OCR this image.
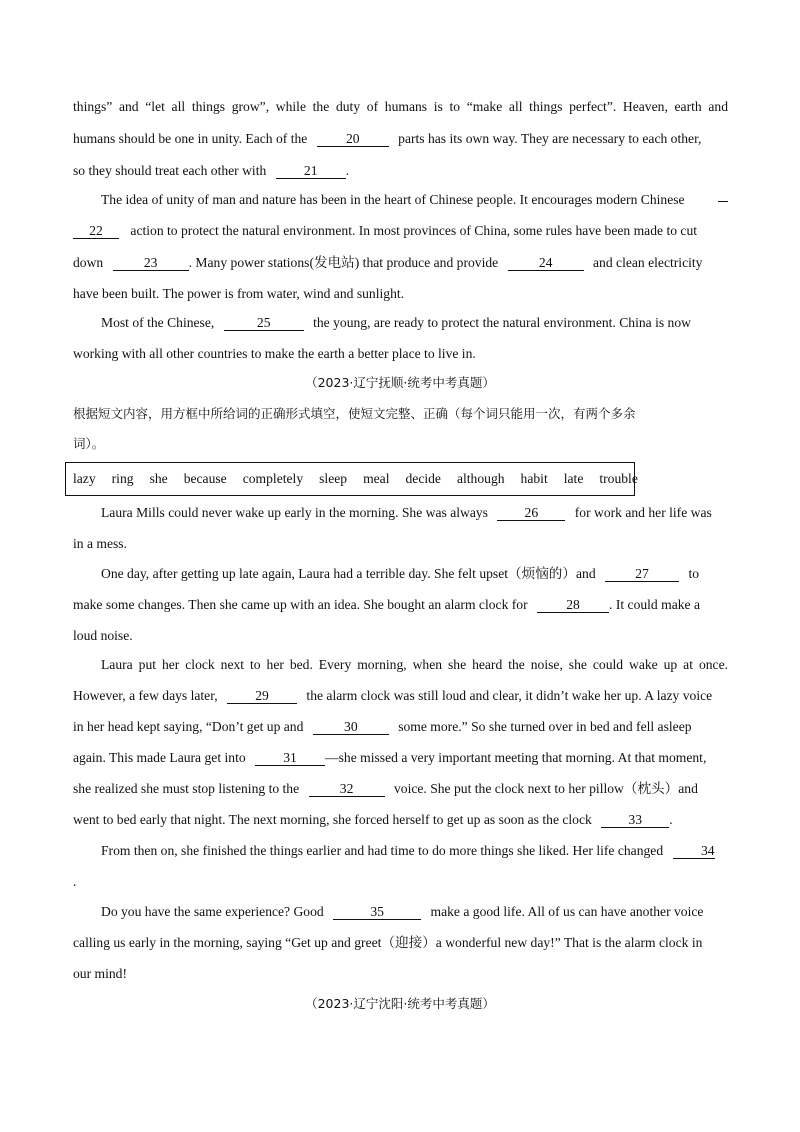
things” and “let all things grow”, while the duty of humans is to “make all things perfect”. Heaven, earth and
humans should be one in unity. Each of the	20	parts has its own way. They are necessary to each other,
so they should treat each other with	21 .
The idea of unity of man and nature has been in the heart of Chinese people. It encourages modern Chinese
22 action to protect the natural environment. In most provinces of China, some rules have been made to cut
down	23 . Many power stations(发电站) that produce and provide	24	and clean electricity
have been built. The power is from water, wind and sunlight.
Most of the Chinese,	25	the young, are ready to protect the natural environment. China is now
working with all other countries to make the earth a better place to live in.
（2023·辽宁抚顺·统考中考真题）
根据短文内容，用方框中所给词的正确形式填空，使短文完整、正确（每个词只能用一次，有两个多余
词）。
lazy ring she because completely sleep meal decide although habit late trouble
Laura Mills could never wake up early in the morning. She was always	26	for work and her life was
in a mess.
One day, after getting up late again, Laura had a terrible day. She felt upset（烦恼的）and	27	to
make some changes. Then she came up with an idea. She bought an alarm clock for	28 . It could make a
loud noise.
Laura put her clock next to her bed. Every morning, when she heard the noise, she could wake up at once.
However, a few days later,	29	the alarm clock was still loud and clear, it didn’t wake her up. A lazy voice
in her head kept saying, “Don’t get up and	30	some more.” So she turned over in bed and fell asleep
again. This made Laura get into	31 —she missed a very important meeting that morning. At that moment,
she realized she must stop listening to the	32	voice. She put the clock next to her pillow（枕头）and
went to bed early that night. The next morning, she forced herself to get up as soon as the clock	33 .
From then on, she finished the things earlier and had time to do more things she liked. Her life changed	34
.
Do you have the same experience? Good	35	make a good life. All of us can have another voice
calling us early in the morning, saying “Get up and greet（迎接）a wonderful new day!” That is the alarm clock in
our mind!
（2023·辽宁沈阳·统考中考真题）
